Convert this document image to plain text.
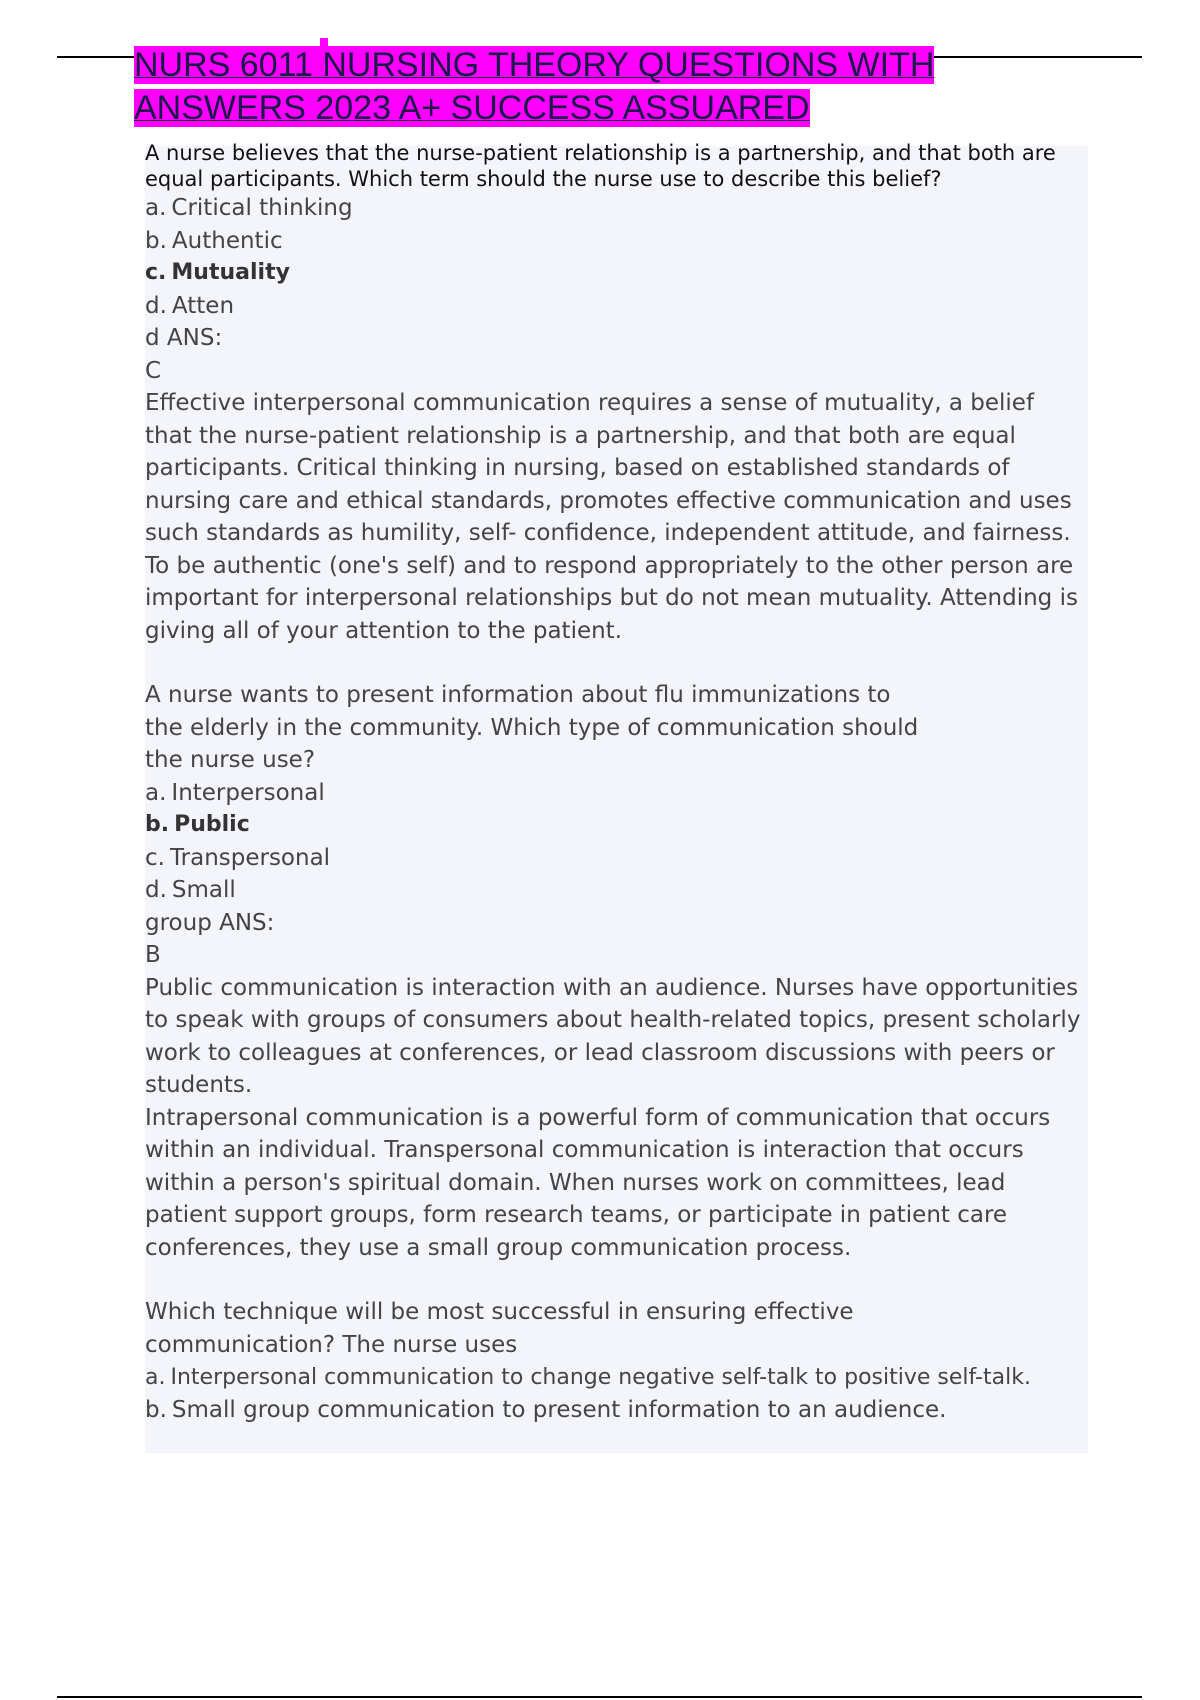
NURS 6011 NURSING THEORY QUESTIONS WITH ANSWERS 2023 A+ SUCCESS ASSUARED

A nurse believes that the nurse-patient relationship is a partnership, and that both are equal participants. Which term should the nurse use to describe this belief?

a. Critical thinking
b. Authentic
c. Mutuality
d. Atten

d ANS:

C

Effective interpersonal communication requires a sense of mutuality, a belief that the nurse-patient relationship is a partnership, and that both are equal participants. Critical thinking in nursing, based on established standards of nursing care and ethical standards, promotes effective communication and uses such standards as humility, self- confidence, independent attitude, and fairness. To be authentic (one's self) and to respond appropriately to the other person are important for interpersonal relationships but do not mean mutuality. Attending is giving all of your attention to the patient.

A nurse wants to present information about flu immunizations to the elderly in the community. Which type of communication should the nurse use?

a. Interpersonal
b. Public
c. Transpersonal
d. Small

group ANS:

B

Public communication is interaction with an audience. Nurses have opportunities to speak with groups of consumers about health-related topics, present scholarly work to colleagues at conferences, or lead classroom discussions with peers or students.

Intrapersonal communication is a powerful form of communication that occurs within an individual. Transpersonal communication is interaction that occurs within a person's spiritual domain. When nurses work on committees, lead patient support groups, form research teams, or participate in patient care conferences, they use a small group communication process.

Which technique will be most successful in ensuring effective communication? The nurse uses

a. Interpersonal communication to change negative self-talk to positive self-talk.
b. Small group communication to present information to an audience.
